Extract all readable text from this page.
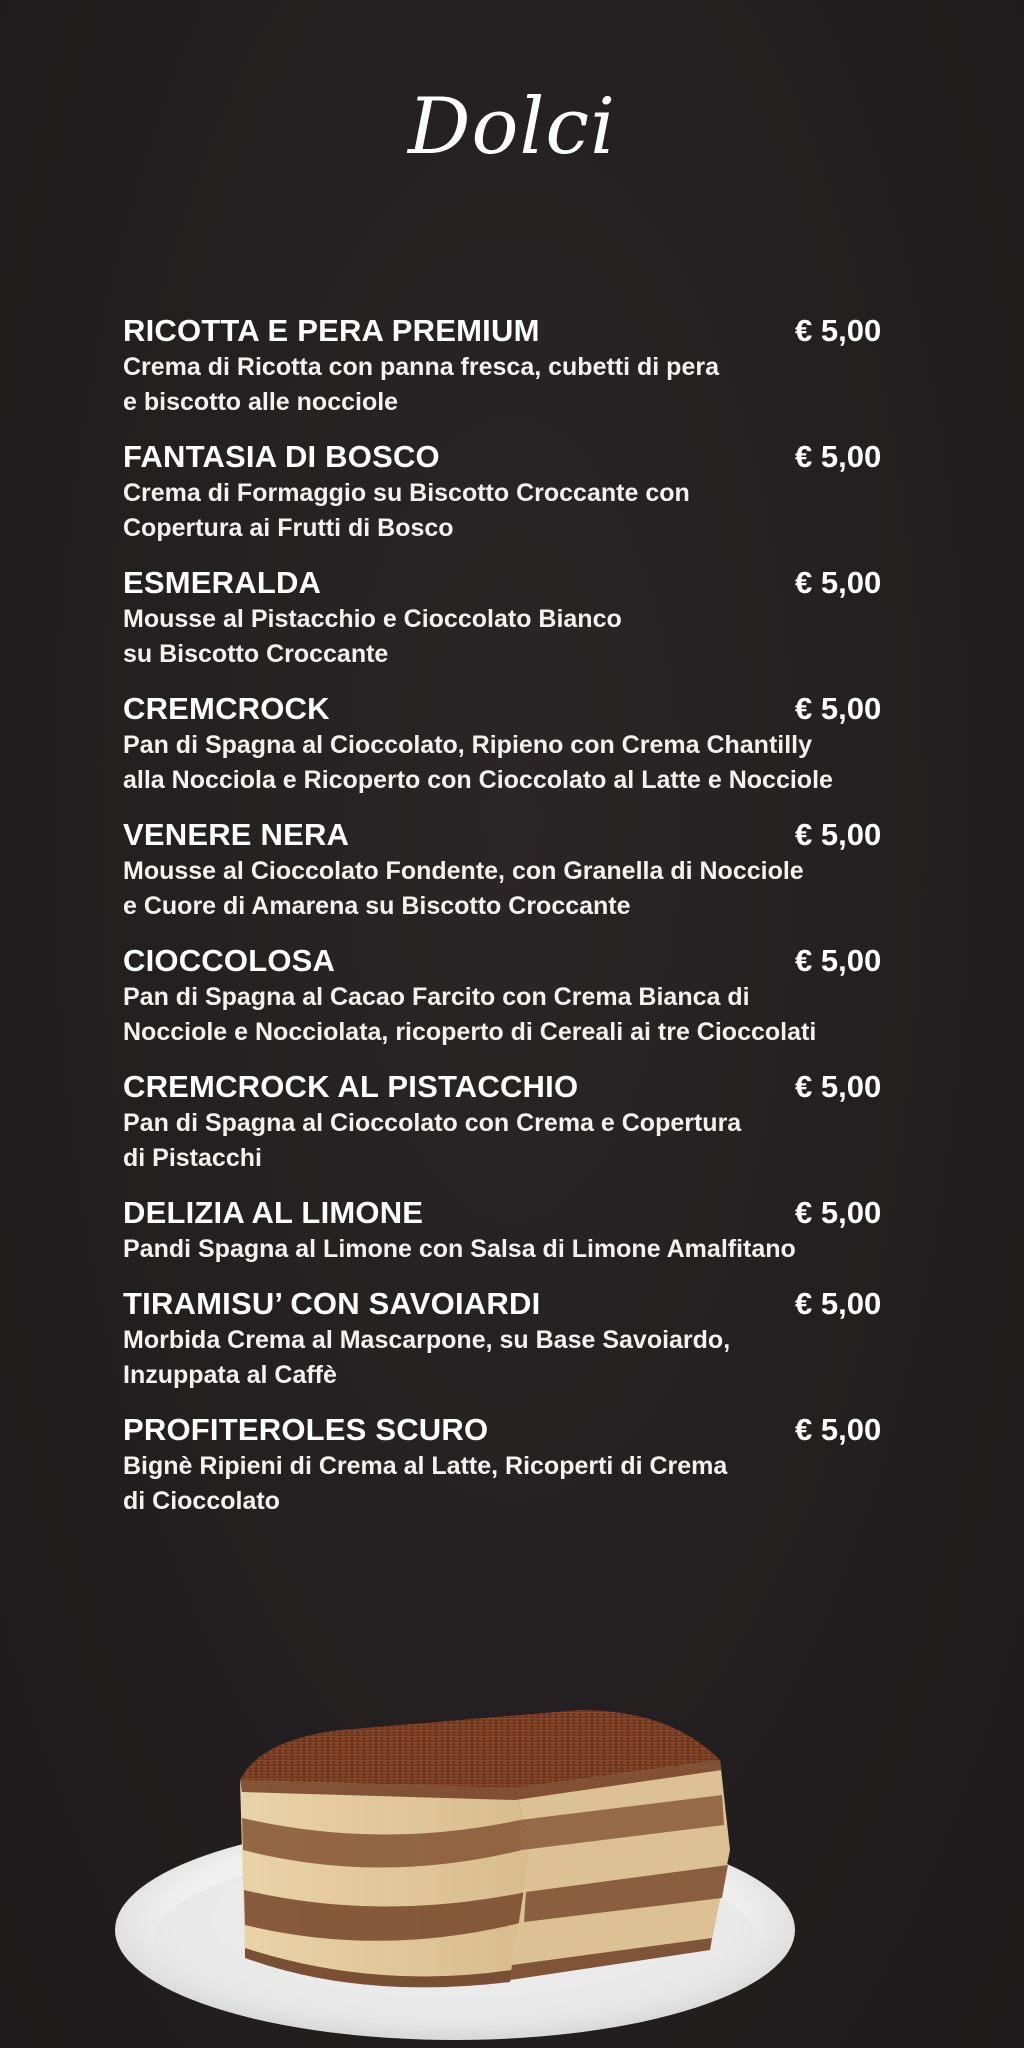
Dolci
RICOTTA E PERA PREMIUM	€ 5,00
Crema di Ricotta con panna fresca, cubetti di pera
e biscotto alle nocciole
FANTASIA DI BOSCO	€ 5,00
Crema di Formaggio su Biscotto Croccante con
Copertura ai Frutti di Bosco
ESMERALDA	€ 5,00
Mousse al Pistacchio e Cioccolato Bianco
su Biscotto Croccante
CREMCROCK	€ 5,00
Pan di Spagna al Cioccolato, Ripieno con Crema Chantilly
alla Nocciola e Ricoperto con Cioccolato al Latte e Nocciole
VENERE NERA	€ 5,00
Mousse al Cioccolato Fondente, con Granella di Nocciole
e Cuore di Amarena su Biscotto Croccante
CIOCCOLOSA	€ 5,00
Pan di Spagna al Cacao Farcito con Crema Bianca di
Nocciole e Nocciolata, ricoperto di Cereali ai tre Cioccolati
CREMCROCK AL PISTACCHIO	€ 5,00
Pan di Spagna al Cioccolato con Crema e Copertura
di Pistacchi
DELIZIA AL LIMONE	€ 5,00
Pandi Spagna al Limone con Salsa di Limone Amalfitano
TIRAMISU’ CON SAVOIARDI	€ 5,00
Morbida Crema al Mascarpone, su Base Savoiardo,
Inzuppata al Caffè
PROFITEROLES SCURO	€ 5,00
Bignè Ripieni di Crema al Latte, Ricoperti di Crema
di Cioccolato
